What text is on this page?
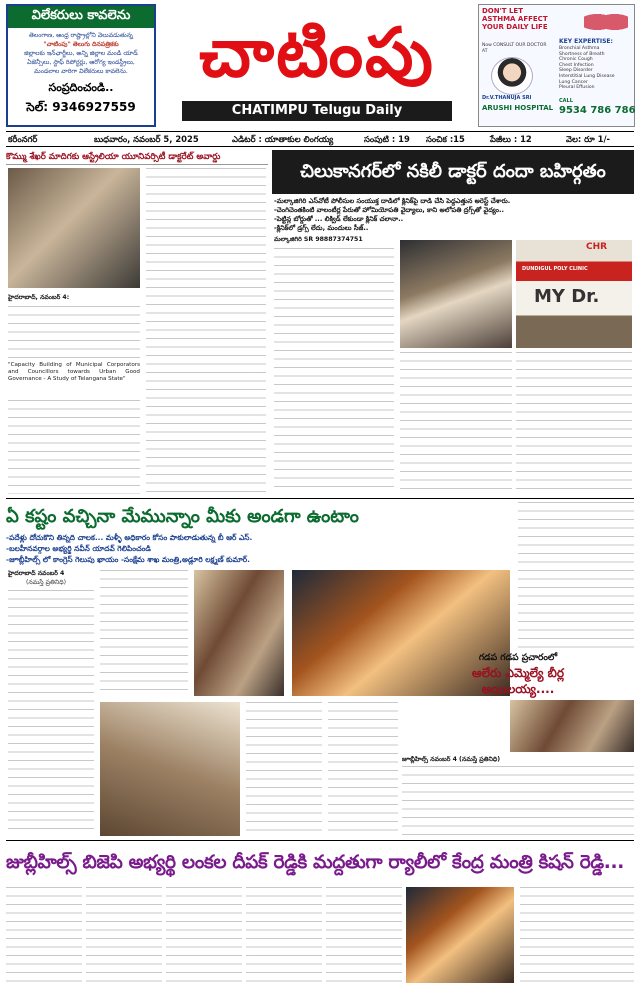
విలేకరులు కావలెను
తెలంగాణ, ఆంధ్ర రాష్ట్రాల్లోని వెలువడుతున్న
"చాటింపు" తెలుగు దినపత్రికకు
జిల్లాలకు ఇన్‌ఛార్జీలు, అన్ని జిల్లాల మండి యాడ్
ఏజెన్సీలు, స్టాఫ్ రిపోర్టర్లు, ఆరోగ్య ఇండస్ట్రీలు,
మండలాల వారిగా విలేకరులు కావలెను.
సంప్రదించండి..
సెల్: 9346927559
చాటింపు
CHATIMPU Telugu Daily
DON'T LET ASTHMA AFFECT YOUR DAILY LIFE
Now CONSULT OUR DOCTOR AT
Dr.V.THANUJA SRI
ARUSHI HOSPITAL
KEY EXPERTISE:
Bronchial Asthma
Shortness of Breath
Chronic Cough
Chest Infection
Sleep Disorder
Interstitial Lung Disease
Lung Cancer
Pleural Effusion
CALL
9534 786 786
కరీంనగర్	బుధవారం, నవంబర్ 5, 2025	ఎడిటర్ : యాతాకుల లింగయ్య	సంపుటి : 19 సంచిక :15	పేజీలు : 12	వెల: రూ 1/-
కొమ్ము శేఖర్ మాదిగకు ఆస్ట్రేలియా యూనివర్సిటీ డాక్టరేట్ అవార్డు
హైదరాబాద్, నవంబర్ 4:
"Capacity Building of Municipal Corporators and Councillors towards Urban Good Governance - A Study of Telangana State"
చిలుకానగర్‌లో నకిలీ డాక్టర్ దందా బహిర్గతం
-మల్కాజిగిరి ఎస్‌వోటీ పోలీసుల సంయుక్త దాడిలో క్లినిక్‌పై దాడి చేసి పెద్దఎత్తున అరెస్ట్ చేశారు.
-చెంగిచెంతకింటి వాలంటీర్ల పేరుతో హోమియోపతి వైద్యాలు, కాని అలోపతి ద్రగ్స్‌తో వైద్యం..
-పెట్టిన్ల బోర్డుతో ... లిక్విడ్ లేకుండా క్లినిక్ చలానా..
-క్లినిక్‌లో డ్రగ్స్ లేదు, మందులు సీజ్..
మల్కాజిగిరి SR 98887374751
CHR
DUNDIGUL POLY CLINIC
MY Dr.
ఏ కష్టం వచ్చినా మేమున్నాం మీకు అండగా ఉంటాం
-పదేళ్లు దోచుకొని తిన్నది చాలక... మళ్ళీ అధికారం కోసం పాకులాడుతున్న బీ ఆర్ ఎస్.
-బలహీనవర్గాల అభ్యర్థి నవీన్ యాదవ్ గెలిపించండి
-జూబ్లీహిల్స్ లో కాంగ్రెస్ గెలుపు ఖాయం -సంక్షేమ శాఖ మంత్రి,అడ్లూరి లక్ష్మణ్ కుమార్.
హైదరాబాద్ నవంబర్ 4
(నమస్తే ప్రతినిధి)
గడప గడప ప్రచారంలో
ఆలేరు ఎమ్మెల్యే బీర్ల
అయిలయ్య....
జూబ్లీహిల్స్ నవంబర్ 4 (నమస్తే ప్రతినిధి)
జుబ్లీహిల్స్ బిజెపి అభ్యర్థి లంకల దీపక్ రెడ్డికి మద్దతుగా ర్యాలీలో కేంద్ర మంత్రి కిషన్ రెడ్డి...
